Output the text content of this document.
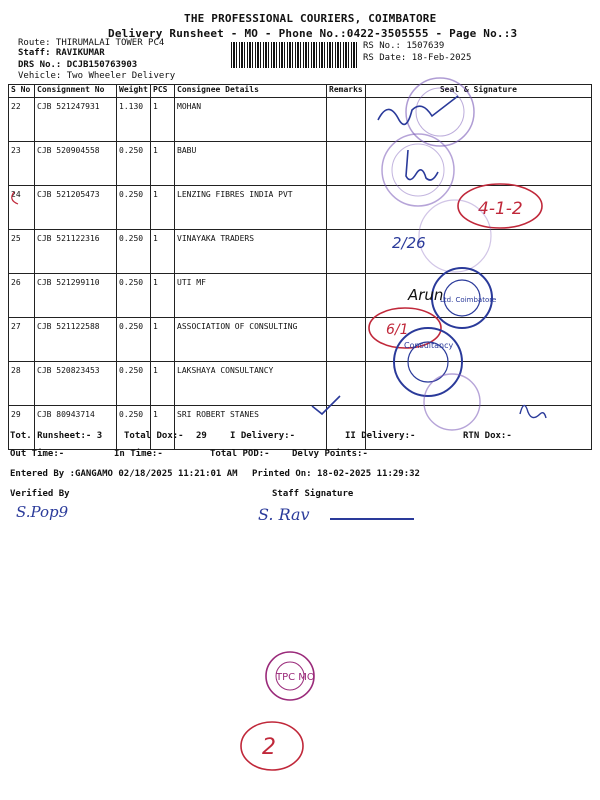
THE PROFESSIONAL COURIERS, COIMBATORE
Delivery Runsheet - MO - Phone No.:0422-3505555 - Page No.:3
Route: THIRUMALAI TOWER PC4
Staff: RAVIKUMAR
DRS No.: DCJB150763903
Vehicle: Two Wheeler Delivery
RS No.: 1507639
RS Date: 18-Feb-2025
S No	Consignment No	Weight	PCS	Consignee Details	Remarks	Seal & Signature
22	CJB 521247931	1.130	1	MOHAN		
23	CJB 520904558	0.250	1	BABU		
24	CJB 521205473	0.250	1	LENZING FIBRES INDIA PVT		
25	CJB 521122316	0.250	1	VINAYAKA TRADERS		
26	CJB 521299110	0.250	1	UTI MF		
27	CJB 521122588	0.250	1	ASSOCIATION OF CONSULTING		
28	CJB 520823453	0.250	1	LAKSHAYA CONSULTANCY		
29	CJB 80943714	0.250	1	SRI ROBERT STANES		
4-1-2
2/26
Ltd. Coimbatore
Arun
6/1
Consultancy
Tot. Runsheet:- 3 Total Dox:- 29	I Delivery:-	II Delivery:-	RTN Dox:-
Out Time:-	In Time:-	Total POD:- Delvy Points:-
Entered By :GANGAMO 02/18/2025 11:21:01 AM Printed On: 18-02-2025 11:29:32
Verified By	Staff Signature
S.Pop9	S. Rav
TPC MO
2
